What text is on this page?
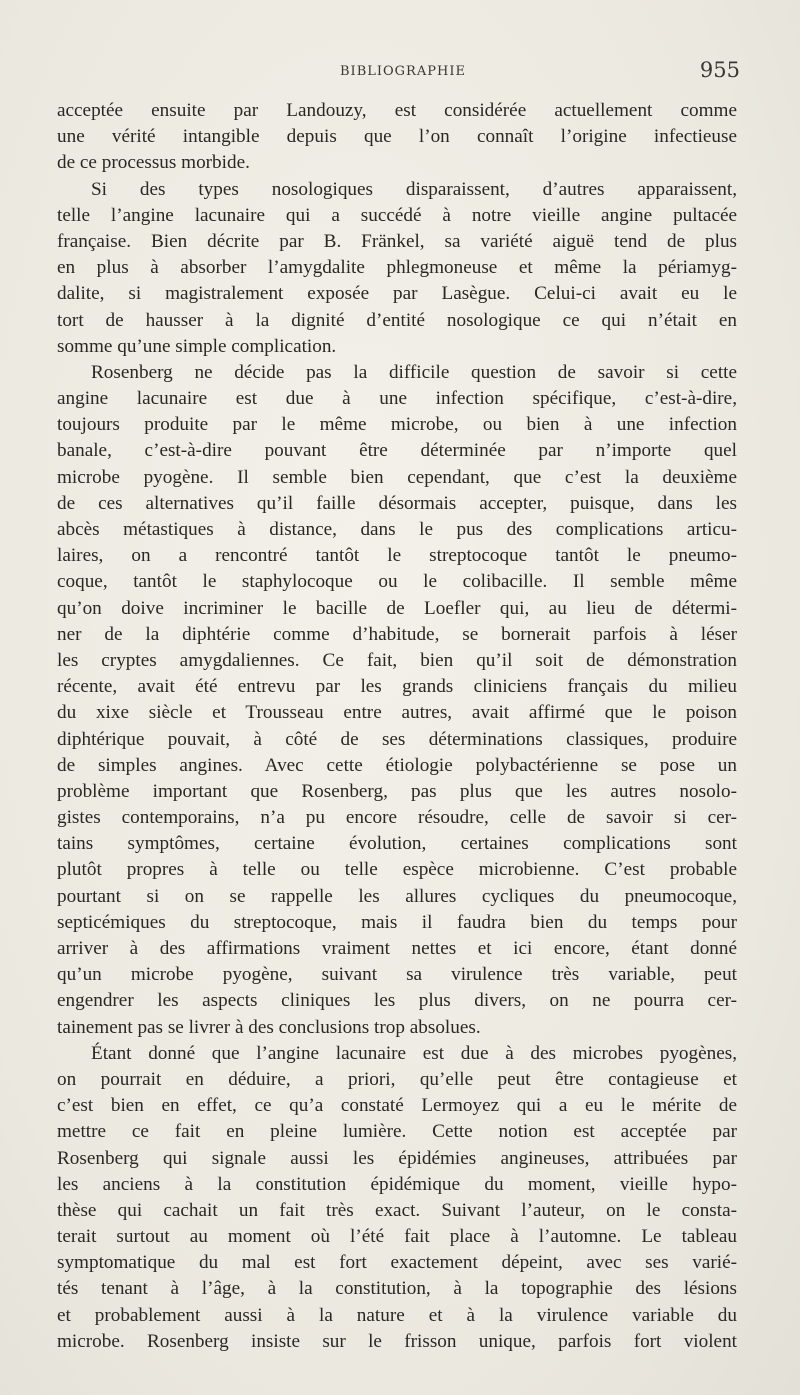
BIBLIOGRAPHIE	955
acceptée ensuite par Landouzy, est considérée actuellement comme
une vérité intangible depuis que l’on connaît l’origine infectieuse
de ce processus morbide.
Si des types nosologiques disparaissent, d’autres apparaissent,
telle l’angine lacunaire qui a succédé à notre vieille angine pultacée
française. Bien décrite par B. Fränkel, sa variété aiguë tend de plus
en plus à absorber l’amygdalite phlegmoneuse et même la périamyg-
dalite, si magistralement exposée par Lasègue. Celui-ci avait eu le
tort de hausser à la dignité d’entité nosologique ce qui n’était en
somme qu’une simple complication.
Rosenberg ne décide pas la difficile question de savoir si cette
angine lacunaire est due à une infection spécifique, c’est-à-dire,
toujours produite par le même microbe, ou bien à une infection
banale, c’est-à-dire pouvant être déterminée par n’importe quel
microbe pyogène. Il semble bien cependant, que c’est la deuxième
de ces alternatives qu’il faille désormais accepter, puisque, dans les
abcès métastiques à distance, dans le pus des complications articu-
laires, on a rencontré tantôt le streptocoque tantôt le pneumo-
coque, tantôt le staphylocoque ou le colibacille. Il semble même
qu’on doive incriminer le bacille de Loefler qui, au lieu de détermi-
ner de la diphtérie comme d’habitude, se bornerait parfois à léser
les cryptes amygdaliennes. Ce fait, bien qu’il soit de démonstration
récente, avait été entrevu par les grands cliniciens français du milieu
du xixe siècle et Trousseau entre autres, avait affirmé que le poison
diphtérique pouvait, à côté de ses déterminations classiques, produire
de simples angines. Avec cette étiologie polybactérienne se pose un
problème important que Rosenberg, pas plus que les autres nosolo-
gistes contemporains, n’a pu encore résoudre, celle de savoir si cer-
tains symptômes, certaine évolution, certaines complications sont
plutôt propres à telle ou telle espèce microbienne. C’est probable
pourtant si on se rappelle les allures cycliques du pneumocoque,
septicémiques du streptocoque, mais il faudra bien du temps pour
arriver à des affirmations vraiment nettes et ici encore, étant donné
qu’un microbe pyogène, suivant sa virulence très variable, peut
engendrer les aspects cliniques les plus divers, on ne pourra cer-
tainement pas se livrer à des conclusions trop absolues.
Étant donné que l’angine lacunaire est due à des microbes pyogènes,
on pourrait en déduire, a priori, qu’elle peut être contagieuse et
c’est bien en effet, ce qu’a constaté Lermoyez qui a eu le mérite de
mettre ce fait en pleine lumière. Cette notion est acceptée par
Rosenberg qui signale aussi les épidémies angineuses, attribuées par
les anciens à la constitution épidémique du moment, vieille hypo-
thèse qui cachait un fait très exact. Suivant l’auteur, on le consta-
terait surtout au moment où l’été fait place à l’automne. Le tableau
symptomatique du mal est fort exactement dépeint, avec ses varié-
tés tenant à l’âge, à la constitution, à la topographie des lésions
et probablement aussi à la nature et à la virulence variable du
microbe. Rosenberg insiste sur le frisson unique, parfois fort violent
